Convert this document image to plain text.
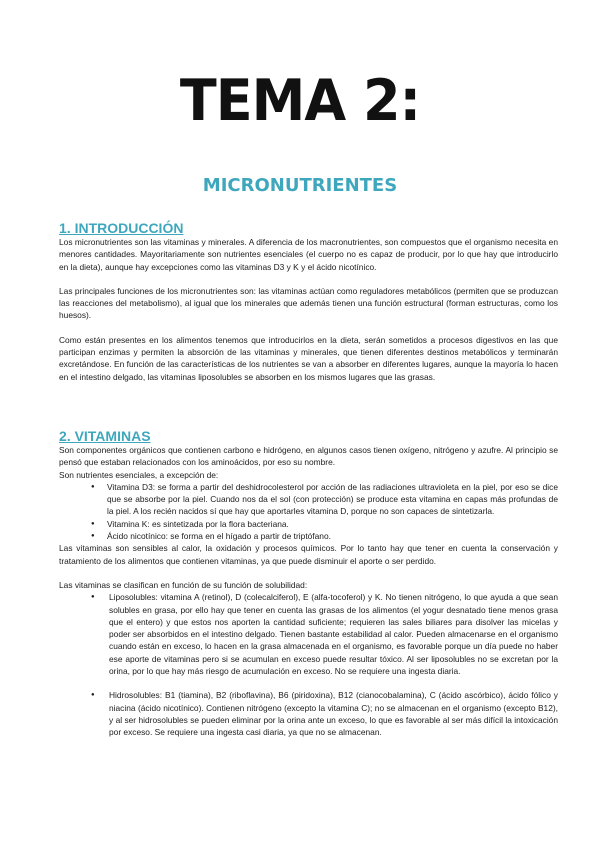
TEMA 2:
MICRONUTRIENTES
1. INTRODUCCIÓN

Los micronutrientes son las vitaminas y minerales. A diferencia de los macronutrientes, son compuestos que el organismo necesita en menores cantidades. Mayoritariamente son nutrientes esenciales (el cuerpo no es capaz de producir, por lo que hay que introducirlo en la dieta), aunque hay excepciones como las vitaminas D3 y K y el ácido nicotínico.

Las principales funciones de los micronutrientes son: las vitaminas actúan como reguladores metabólicos (permiten que se produzcan las reacciones del metabolismo), al igual que los minerales que además tienen una función estructural (forman estructuras, como los huesos).

Como están presentes en los alimentos tenemos que introducirlos en la dieta, serán sometidos a procesos digestivos en las que participan enzimas y permiten la absorción de las vitaminas y minerales, que tienen diferentes destinos metabólicos y terminarán excretándose. En función de las características de los nutrientes se van a absorber en diferentes lugares, aunque la mayoría lo hacen en el intestino delgado, las vitaminas liposolubles se absorben en los mismos lugares que las grasas.

2. VITAMINAS

Son componentes orgánicos que contienen carbono e hidrógeno, en algunos casos tienen oxígeno, nitrógeno y azufre. Al principio se pensó que estaban relacionados con los aminoácidos, por eso su nombre.

Son nutrientes esenciales, a excepción de:

● Vitamina D3: se forma a partir del deshidrocolesterol por acción de las radiaciones ultravioleta en la piel, por eso se dice que se absorbe por la piel. Cuando nos da el sol (con protección) se produce esta vitamina en capas más profundas de la piel. A los recién nacidos sí que hay que aportarles vitamina D, porque no son capaces de sintetizarla.
● Vitamina K: es sintetizada por la flora bacteriana.
● Ácido nicotínico: se forma en el hígado a partir de triptófano.

Las vitaminas son sensibles al calor, la oxidación y procesos químicos. Por lo tanto hay que tener en cuenta la conservación y tratamiento de los alimentos que contienen vitaminas, ya que puede disminuir el aporte o ser perdido.

Las vitaminas se clasifican en función de su función de solubilidad:

● Liposolubles: vitamina A (retinol), D (colecalciferol), E (alfa-tocoferol) y K. No tienen nitrógeno, lo que ayuda a que sean solubles en grasa, por ello hay que tener en cuenta las grasas de los alimentos (el yogur desnatado tiene menos grasa que el entero) y que estos nos aporten la cantidad suficiente; requieren las sales biliares para disolver las micelas y poder ser absorbidos en el intestino delgado. Tienen bastante estabilidad al calor. Pueden almacenarse en el organismo cuando están en exceso, lo hacen en la grasa almacenada en el organismo, es favorable porque un día puede no haber ese aporte de vitaminas pero si se acumulan en exceso puede resultar tóxico. Al ser liposolubles no se excretan por la orina, por lo que hay más riesgo de acumulación en exceso. No se requiere una ingesta diaria.
● Hidrosolubles: B1 (tiamina), B2 (riboflavina), B6 (piridoxina), B12 (cianocobalamina), C (ácido ascórbico), ácido fólico y niacina (ácido nicotínico). Contienen nitrógeno (excepto la vitamina C); no se almacenan en el organismo (excepto B12), y al ser hidrosolubles se pueden eliminar por la orina ante un exceso, lo que es favorable al ser más difícil la intoxicación por exceso. Se requiere una ingesta casi diaria, ya que no se almacenan.
